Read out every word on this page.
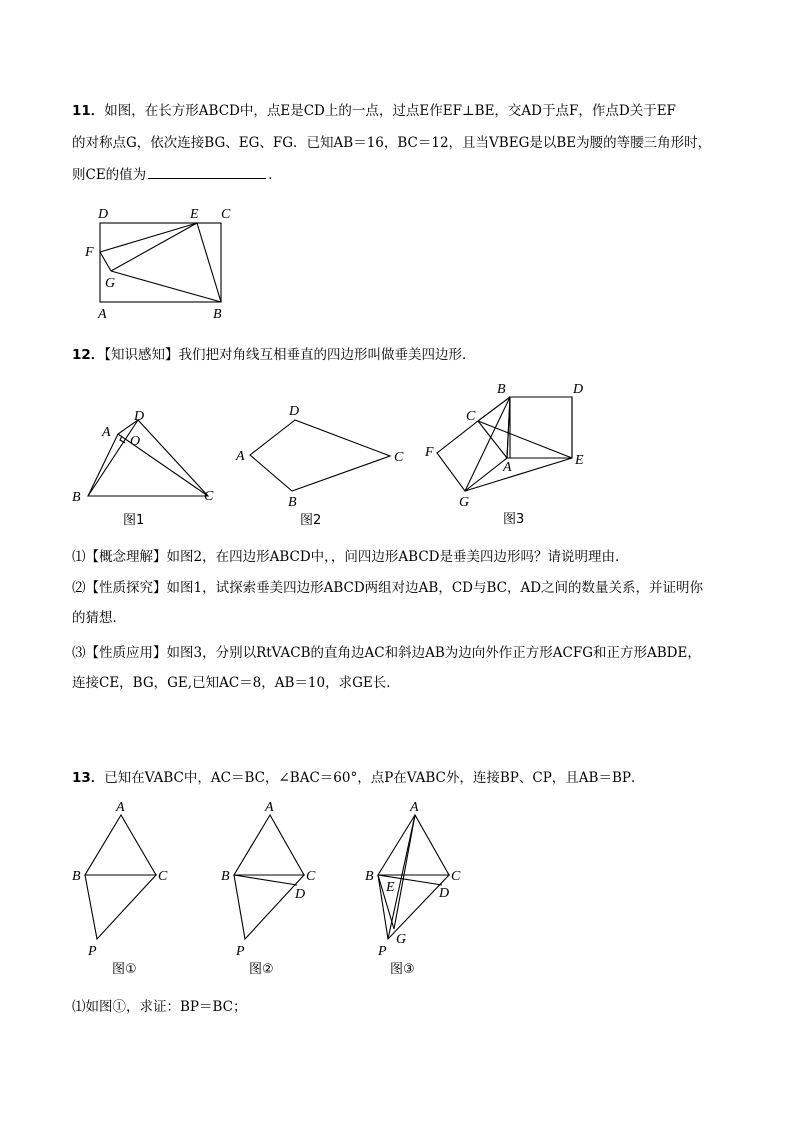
11．如图，在长方形ABCD中，点E是CD上的一点，过点E作EF⊥BE，交AD于点F，作点D关于EF
的对称点G，依次连接BG、EG、FG．已知AB＝16，BC＝12，且当VBEG是以BE为腰的等腰三角形时，
则CE的值为	．
D	E C
F
G
A	B
12．【知识感知】我们把对角线互相垂直的四边形叫做垂美四边形．
A
D
O
B	C
图1
D
A	C
B
图2
B	D
C
F
A	E
G
图3
⑴【概念理解】如图2，在四边形ABCD中，，问四边形ABCD是垂美四边形吗？请说明理由．
⑵【性质探究】如图1，试探索垂美四边形ABCD两组对边AB，CD与BC，AD之间的数量关系，并证明你
的猜想．
⑶【性质应用】如图3，分别以RtVACB的直角边AC和斜边AB为边向外作正方形ACFG和正方形ABDE，
连接CE，BG，GE,已知AC＝8，AB＝10，求GE长．
13．已知在VABC中，AC＝BC，∠BAC＝60°，点P在VABC外，连接BP、CP，且AB＝BP．
A
B	C
P
图①
A
B	C
D
P
图②
A
B
E
C
D
G
P
图③
⑴如图①，求证：BP＝BC；
